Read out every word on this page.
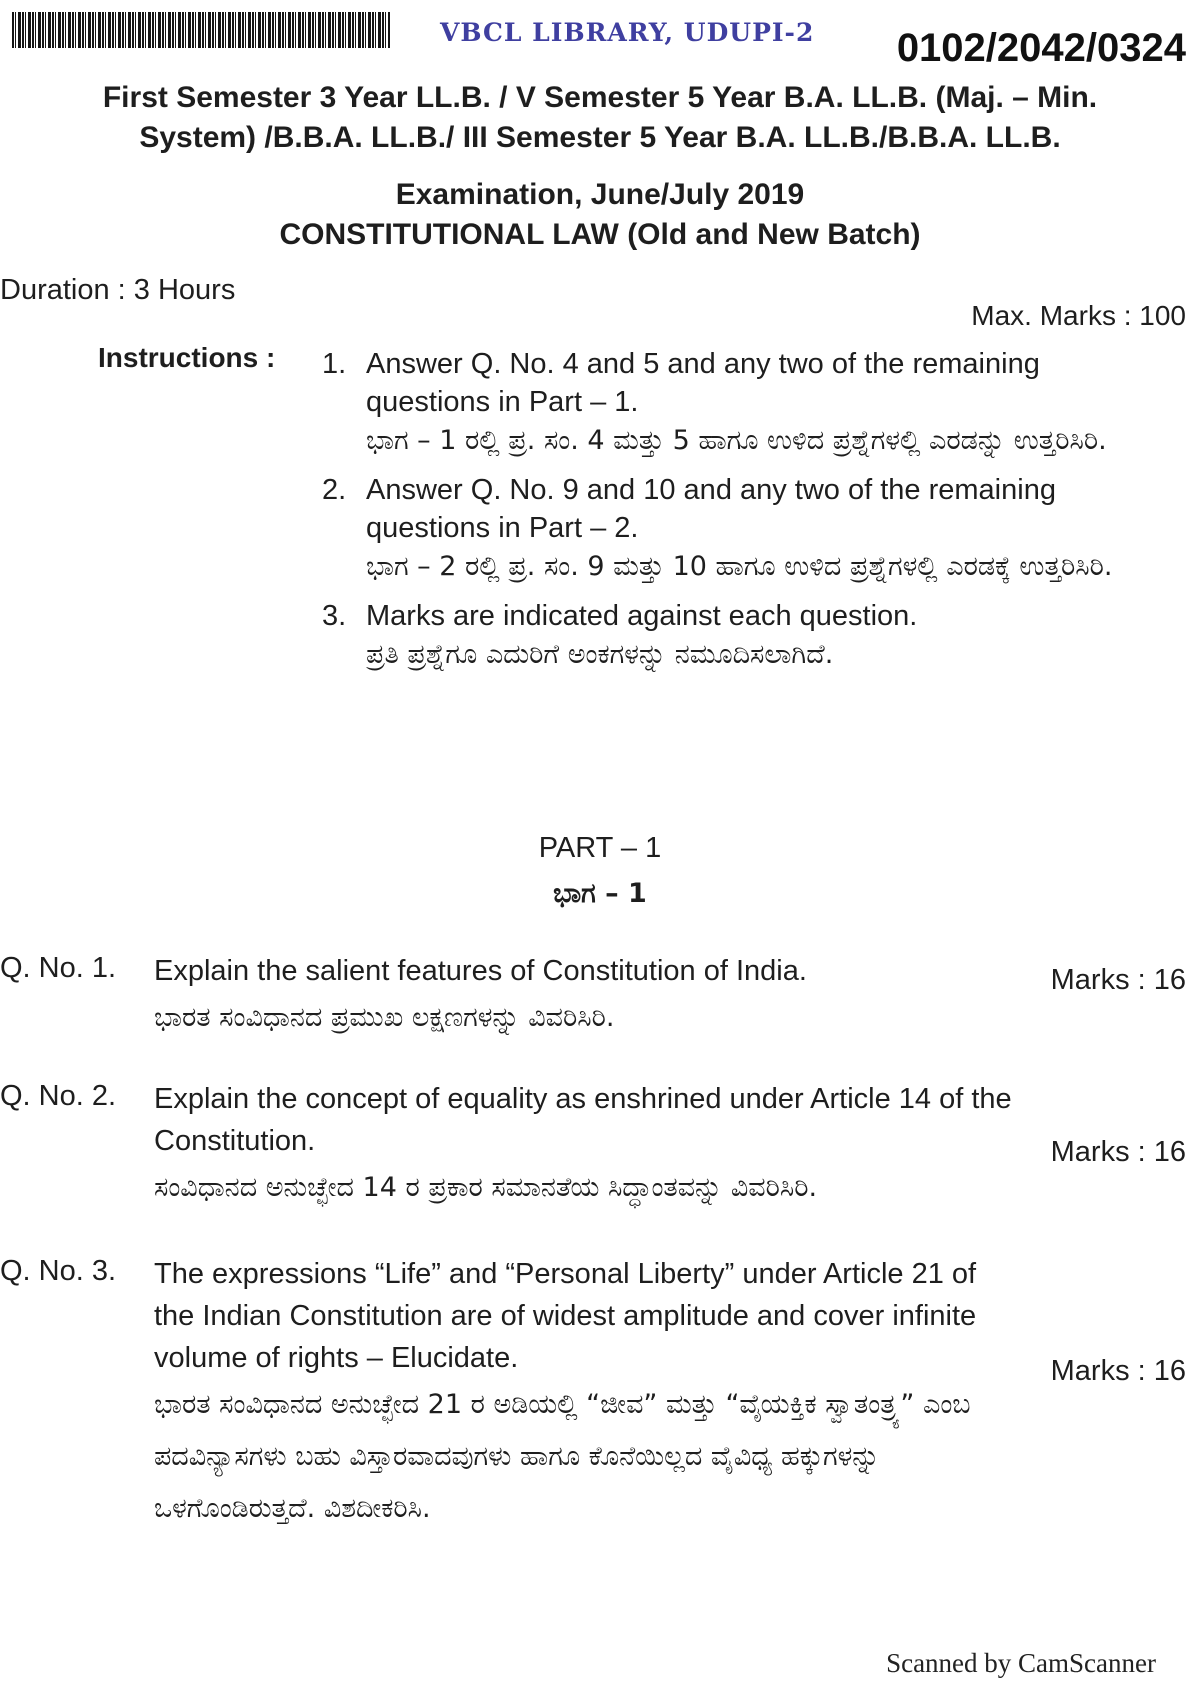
VBCL LIBRARY, UDUPI-2 0102/2042/0324
First Semester 3 Year LL.B. / V Semester 5 Year B.A. LL.B. (Maj. – Min.
System) /B.B.A. LL.B./ III Semester 5 Year B.A. LL.B./B.B.A. LL.B.
Examination, June/July 2019
CONSTITUTIONAL LAW (Old and New Batch)
Duration : 3 Hours
Max. Marks : 100
Instructions : 1. Answer Q. No. 4 and 5 and any two of the remaining questions in Part – 1.
ಭಾಗ – 1 ರಲ್ಲಿ ಪ್ರ. ಸಂ. 4 ಮತ್ತು 5 ಹಾಗೂ ಉಳಿದ ಪ್ರಶ್ನೆಗಳಲ್ಲಿ ಎರಡನ್ನು ಉತ್ತರಿಸಿರಿ.
2. Answer Q. No. 9 and 10 and any two of the remaining questions in Part – 2.
ಭಾಗ – 2 ರಲ್ಲಿ ಪ್ರ. ಸಂ. 9 ಮತ್ತು 10 ಹಾಗೂ ಉಳಿದ ಪ್ರಶ್ನೆಗಳಲ್ಲಿ ಎರಡಕ್ಕೆ ಉತ್ತರಿಸಿರಿ.
3. Marks are indicated against each question.
ಪ್ರತಿ ಪ್ರಶ್ನೆಗೂ ಎದುರಿಗೆ ಅಂಕಗಳನ್ನು ನಮೂದಿಸಲಾಗಿದೆ.
PART – 1
ಭಾಗ – 1
Q. No. 1. Explain the salient features of Constitution of India.
ಭಾರತ ಸಂವಿಧಾನದ ಪ್ರಮುಖ ಲಕ್ಷಣಗಳನ್ನು ವಿವರಿಸಿರಿ.
Marks : 16
Q. No. 2. Explain the concept of equality as enshrined under Article 14 of the Constitution.
ಸಂವಿಧಾನದ ಅನುಚ್ಛೇದ 14 ರ ಪ್ರಕಾರ ಸಮಾನತೆಯ ಸಿದ್ಧಾಂತವನ್ನು ವಿವರಿಸಿರಿ.
Marks : 16
Q. No. 3. The expressions “Life” and “Personal Liberty” under Article 21 of the Indian Constitution are of widest amplitude and cover infinite volume of rights – Elucidate.
ಭಾರತ ಸಂವಿಧಾನದ ಅನುಚ್ಛೇದ 21 ರ ಅಡಿಯಲ್ಲಿ “ಜೀವ” ಮತ್ತು “ವೈಯಕ್ತಿಕ ಸ್ವಾತಂತ್ರ್ಯ” ಎಂಬ ಪದವಿನ್ಯಾಸಗಳು ಬಹು ವಿಸ್ತಾರವಾದವುಗಳು ಹಾಗೂ ಕೊನೆಯಿಲ್ಲದ ವೈವಿಧ್ಯ ಹಕ್ಕುಗಳನ್ನು ಒಳಗೊಂಡಿರುತ್ತದೆ. ವಿಶದೀಕರಿಸಿ.
Marks : 16
Scanned by CamScanner
